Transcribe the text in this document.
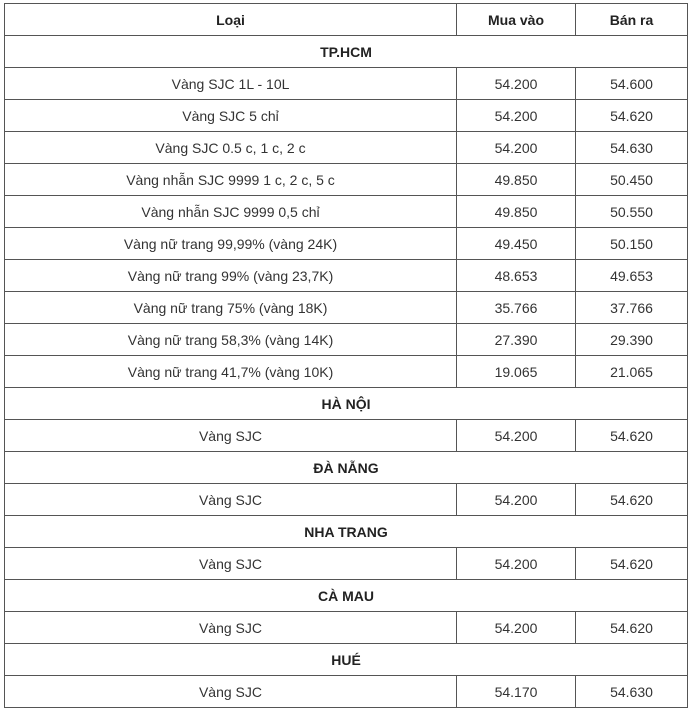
Loại	Mua vào	Bán ra
TP.HCM		
Vàng SJC 1L - 10L	54.200	54.600
Vàng SJC 5 chỉ	54.200	54.620
Vàng SJC 0.5 c, 1 c, 2 c	54.200	54.630
Vàng nhẫn SJC 9999 1 c, 2 c, 5 c	49.850	50.450
Vàng nhẫn SJC 9999 0,5 chỉ	49.850	50.550
Vàng nữ trang 99,99% (vàng 24K)	49.450	50.150
Vàng nữ trang 99% (vàng 23,7K)	48.653	49.653
Vàng nữ trang 75% (vàng 18K)	35.766	37.766
Vàng nữ trang 58,3% (vàng 14K)	27.390	29.390
Vàng nữ trang 41,7% (vàng 10K)	19.065	21.065
HÀ NỘI		
Vàng SJC	54.200	54.620
ĐÀ NẴNG		
Vàng SJC	54.200	54.620
NHA TRANG		
Vàng SJC	54.200	54.620
CÀ MAU		
Vàng SJC	54.200	54.620
HUÉ		
Vàng SJC	54.170	54.630
